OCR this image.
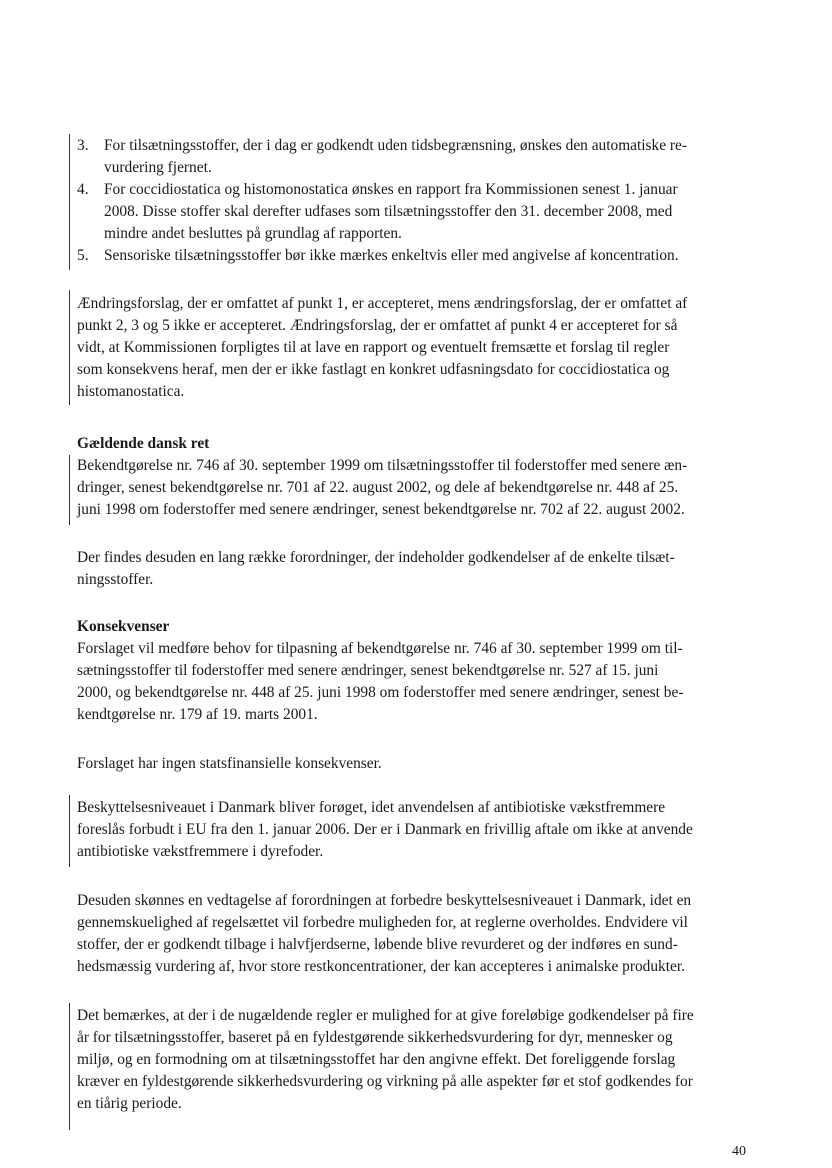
3. For tilsætningsstoffer, der i dag er godkendt uden tidsbegrænsning, ønskes den automatiske re-
vurdering fjernet.
4. For coccidiostatica og histomonostatica ønskes en rapport fra Kommissionen senest 1. januar
2008. Disse stoffer skal derefter udfases som tilsætningsstoffer den 31. december 2008, med
mindre andet besluttes på grundlag af rapporten.
5. Sensoriske tilsætningsstoffer bør ikke mærkes enkeltvis eller med angivelse af koncentration.
Ændringsforslag, der er omfattet af punkt 1, er accepteret, mens ændringsforslag, der er omfattet af
punkt 2, 3 og 5 ikke er accepteret. Ændringsforslag, der er omfattet af punkt 4 er accepteret for så
vidt, at Kommissionen forpligtes til at lave en rapport og eventuelt fremsætte et forslag til regler
som konsekvens heraf, men der er ikke fastlagt en konkret udfasningsdato for coccidiostatica og
histomanostatica.
Gældende dansk ret
Bekendtgørelse nr. 746 af 30. september 1999 om tilsætningsstoffer til foderstoffer med senere æn-
dringer, senest bekendtgørelse nr. 701 af 22. august 2002, og dele af bekendtgørelse nr. 448 af 25.
juni 1998 om foderstoffer med senere ændringer, senest bekendtgørelse nr. 702 af 22. august 2002.
Der findes desuden en lang række forordninger, der indeholder godkendelser af de enkelte tilsæt-
ningsstoffer.
Konsekvenser
Forslaget vil medføre behov for tilpasning af bekendtgørelse nr. 746 af 30. september 1999 om til-
sætningsstoffer til foderstoffer med senere ændringer, senest bekendtgørelse nr. 527 af 15. juni
2000, og bekendtgørelse nr. 448 af 25. juni 1998 om foderstoffer med senere ændringer, senest be-
kendtgørelse nr. 179 af 19. marts 2001.
Forslaget har ingen statsfinansielle konsekvenser.
Beskyttelsesniveauet i Danmark bliver forøget, idet anvendelsen af antibiotiske vækstfremmere
foreslås forbudt i EU fra den 1. januar 2006. Der er i Danmark en frivillig aftale om ikke at anvende
antibiotiske vækstfremmere i dyrefoder.
Desuden skønnes en vedtagelse af forordningen at forbedre beskyttelsesniveauet i Danmark, idet en
gennemskuelighed af regelsættet vil forbedre muligheden for, at reglerne overholdes. Endvidere vil
stoffer, der er godkendt tilbage i halvfjerdserne, løbende blive revurderet og der indføres en sund-
hedsmæssig vurdering af, hvor store restkoncentrationer, der kan accepteres i animalske produkter.
Det bemærkes, at der i de nugældende regler er mulighed for at give foreløbige godkendelser på fire
år for tilsætningsstoffer, baseret på en fyldestgørende sikkerhedsvurdering for dyr, mennesker og
miljø, og en formodning om at tilsætningsstoffet har den angivne effekt. Det foreliggende forslag
kræver en fyldestgørende sikkerhedsvurdering og virkning på alle aspekter før et stof godkendes for
en tiårig periode.
40
